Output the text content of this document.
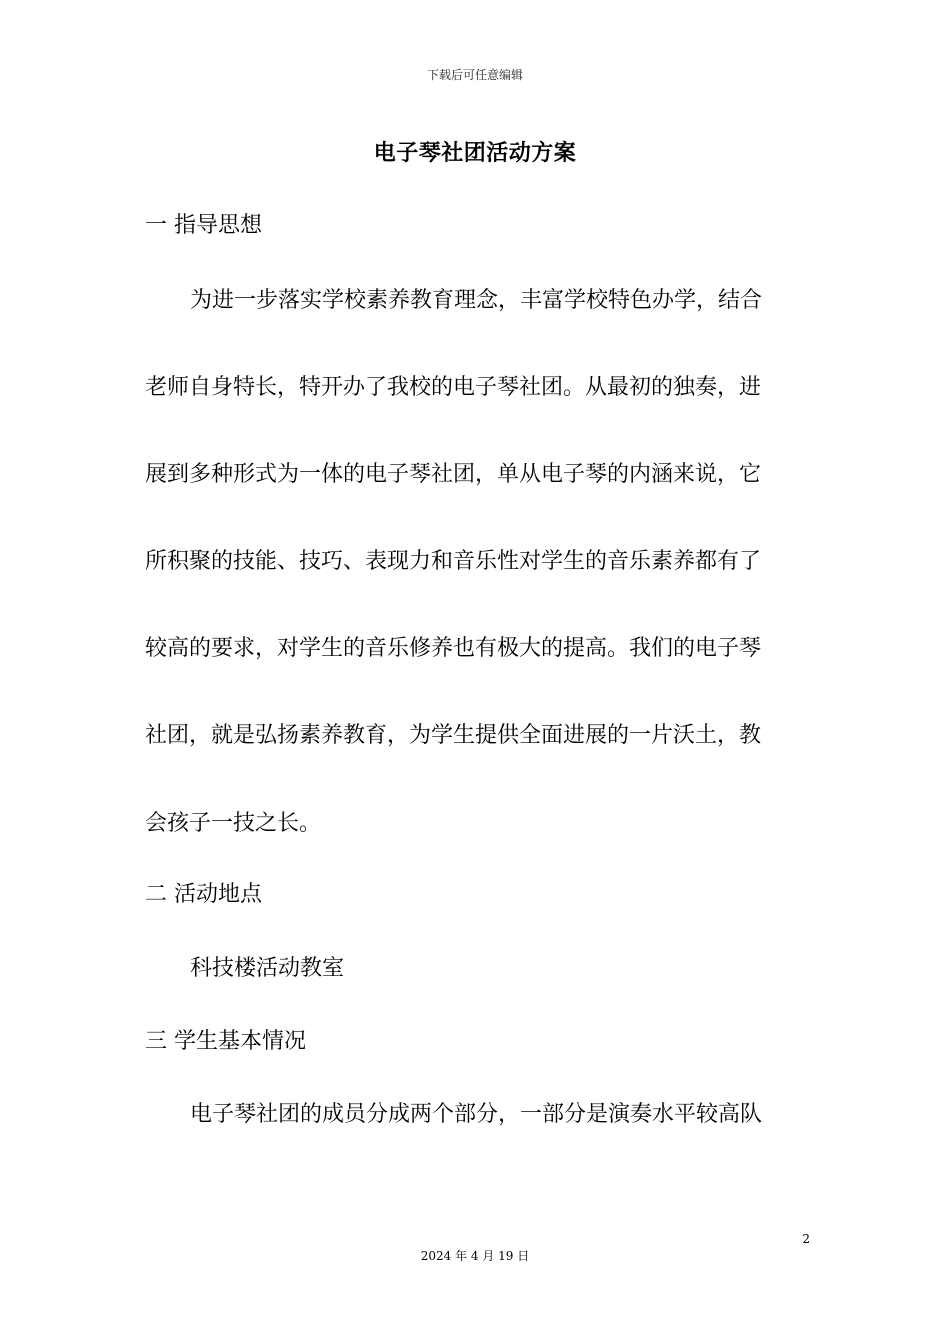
下载后可任意编辑
电子琴社团活动方案
一 指导思想
为进一步落实学校素养教育理念，丰富学校特色办学，结合
老师自身特长，特开办了我校的电子琴社团。从最初的独奏，进
展到多种形式为一体的电子琴社团，单从电子琴的内涵来说，它
所积聚的技能、技巧、表现力和音乐性对学生的音乐素养都有了
较高的要求，对学生的音乐修养也有极大的提高。我们的电子琴
社团，就是弘扬素养教育，为学生提供全面进展的一片沃土，教
会孩子一技之长。
二 活动地点
科技楼活动教室
三 学生基本情况
电子琴社团的成员分成两个部分，一部分是演奏水平较高队
2
2024 年 4 月 19 日
